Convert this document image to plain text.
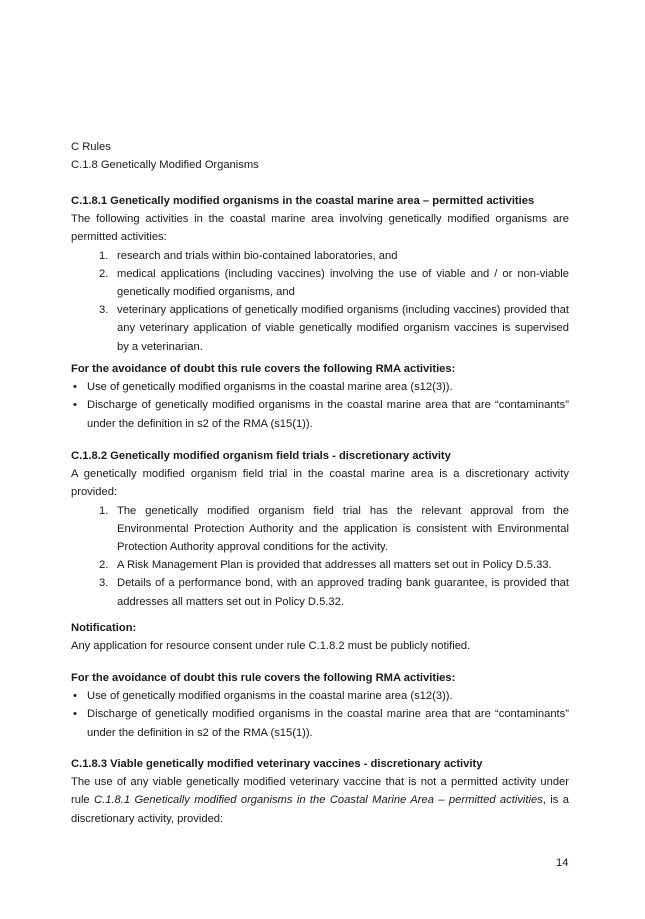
C Rules
C.1.8 Genetically Modified Organisms
C.1.8.1 Genetically modified organisms in the coastal marine area – permitted activities
The following activities in the coastal marine area involving genetically modified organisms are permitted activities:
1. research and trials within bio-contained laboratories, and
2. medical applications (including vaccines) involving the use of viable and / or non-viable genetically modified organisms, and
3. veterinary applications of genetically modified organisms (including vaccines) provided that any veterinary application of viable genetically modified organism vaccines is supervised by a veterinarian.
For the avoidance of doubt this rule covers the following RMA activities:
• Use of genetically modified organisms in the coastal marine area (s12(3)).
• Discharge of genetically modified organisms in the coastal marine area that are “contaminants” under the definition in s2 of the RMA (s15(1)).
C.1.8.2 Genetically modified organism field trials - discretionary activity
A genetically modified organism field trial in the coastal marine area is a discretionary activity provided:
1. The genetically modified organism field trial has the relevant approval from the Environmental Protection Authority and the application is consistent with Environmental Protection Authority approval conditions for the activity.
2. A Risk Management Plan is provided that addresses all matters set out in Policy D.5.33.
3. Details of a performance bond, with an approved trading bank guarantee, is provided that addresses all matters set out in Policy D.5.32.
Notification:
Any application for resource consent under rule C.1.8.2 must be publicly notified.
For the avoidance of doubt this rule covers the following RMA activities:
• Use of genetically modified organisms in the coastal marine area (s12(3)).
• Discharge of genetically modified organisms in the coastal marine area that are “contaminants” under the definition in s2 of the RMA (s15(1)).
C.1.8.3 Viable genetically modified veterinary vaccines - discretionary activity
The use of any viable genetically modified veterinary vaccine that is not a permitted activity under rule C.1.8.1 Genetically modified organisms in the Coastal Marine Area – permitted activities, is a discretionary activity, provided:
14
